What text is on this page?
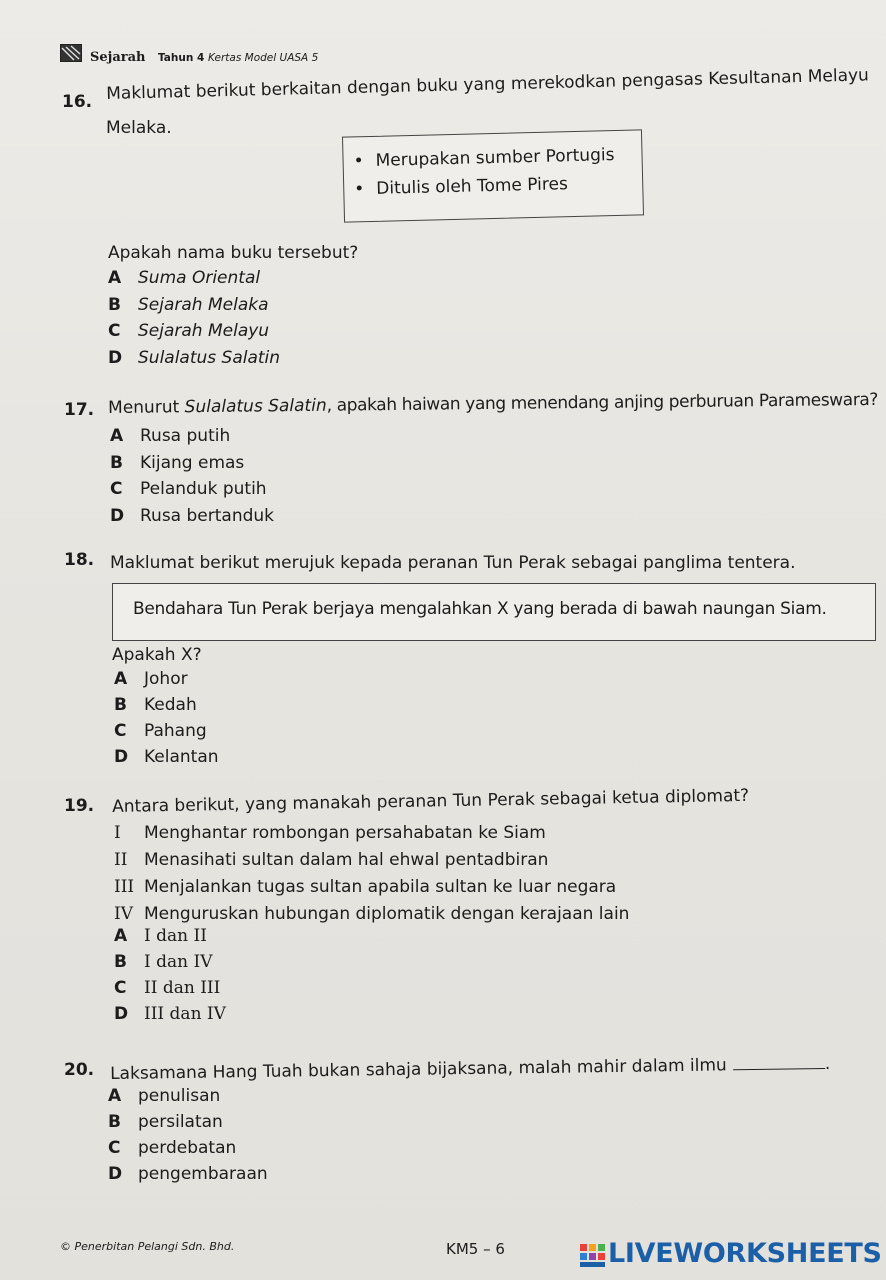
Sejarah Tahun 4 Kertas Model UASA 5
16. Maklumat berikut berkaitan dengan buku yang merekodkan pengasas Kesultanan Melayu
Melaka.
• Merupakan sumber Portugis
• Ditulis oleh Tome Pires
Apakah nama buku tersebut?
A Suma Oriental
B Sejarah Melaka
C Sejarah Melayu
D Sulalatus Salatin
17. Menurut Sulalatus Salatin, apakah haiwan yang menendang anjing perburuan Parameswara?
A Rusa putih
B Kijang emas
C Pelanduk putih
D Rusa bertanduk
18. Maklumat berikut merujuk kepada peranan Tun Perak sebagai panglima tentera.
Bendahara Tun Perak berjaya mengalahkan X yang berada di bawah naungan Siam.
Apakah X?
A Johor
B Kedah
C Pahang
D Kelantan
19. Antara berikut, yang manakah peranan Tun Perak sebagai ketua diplomat?
I Menghantar rombongan persahabatan ke Siam
II Menasihati sultan dalam hal ehwal pentadbiran
III Menjalankan tugas sultan apabila sultan ke luar negara
IV Menguruskan hubungan diplomatik dengan kerajaan lain
A I dan II
B I dan IV
C II dan III
D III dan IV
20. Laksamana Hang Tuah bukan sahaja bijaksana, malah mahir dalam ilmu	.
A penulisan
B persilatan
C perdebatan
D pengembaraan
© Penerbitan Pelangi Sdn. Bhd.	KM5 – 6	LIVEWORKSHEETS
